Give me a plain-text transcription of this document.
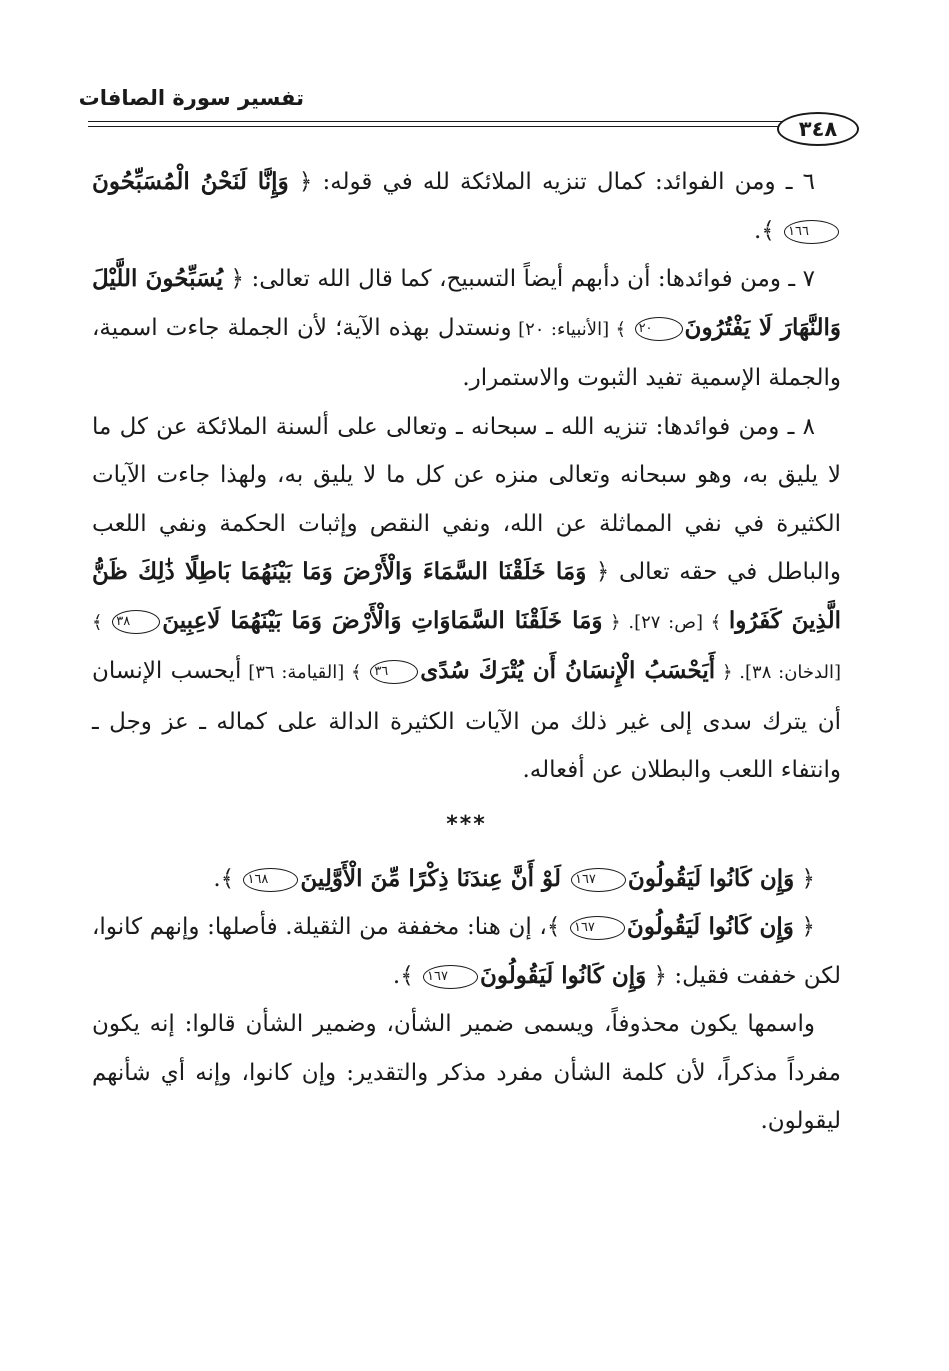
تفسير سورة الصافات
٣٤٨

٦ ـ ومن الفوائد: كمال تنزيه الملائكة لله في قوله: ﴿ وَإِنَّا لَنَحْنُ الْمُسَبِّحُونَ١٦٦ ﴾.

٧ ـ ومن فوائدها: أن دأبهم أيضاً التسبيح، كما قال الله تعالى: ﴿ يُسَبِّحُونَ اللَّيْلَ وَالنَّهَارَ لَا يَفْتُرُونَ٢٠ ﴾ [الأنبياء: ٢٠] ونستدل بهذه الآية؛ لأن الجملة جاءت اسمية، والجملة الإسمية تفيد الثبوت والاستمرار.

٨ ـ ومن فوائدها: تنزيه الله ـ سبحانه ـ وتعالى على ألسنة الملائكة عن كل ما لا يليق به، وهو سبحانه وتعالى منزه عن كل ما لا يليق به، ولهذا جاءت الآيات الكثيرة في نفي المماثلة عن الله، ونفي النقص وإثبات الحكمة ونفي اللعب والباطل في حقه تعالى ﴿ وَمَا خَلَقْنَا السَّمَاءَ وَالْأَرْضَ وَمَا بَيْنَهُمَا بَاطِلًا ذَٰلِكَ ظَنُّ الَّذِينَ كَفَرُوا ﴾ [ص: ٢٧]. ﴿ وَمَا خَلَقْنَا السَّمَاوَاتِ وَالْأَرْضَ وَمَا بَيْنَهُمَا لَاعِبِينَ٣٨ ﴾ [الدخان: ٣٨]. ﴿ أَيَحْسَبُ الْإِنسَانُ أَن يُتْرَكَ سُدًى٣٦ ﴾ [القيامة: ٣٦] أيحسب الإنسان أن يترك سدى إلى غير ذلك من الآيات الكثيرة الدالة على كماله ـ عز وجل ـ وانتفاء اللعب والبطلان عن أفعاله.

***

﴿ وَإِن كَانُوا لَيَقُولُونَ١٦٧ لَوْ أَنَّ عِندَنَا ذِكْرًا مِّنَ الْأَوَّلِينَ١٦٨ ﴾.

﴿ وَإِن كَانُوا لَيَقُولُونَ١٦٧ ﴾، إن هنا: مخففة من الثقيلة. فأصلها: وإنهم كانوا، لكن خففت فقيل: ﴿ وَإِن كَانُوا لَيَقُولُونَ١٦٧ ﴾.

واسمها يكون محذوفاً، ويسمى ضمير الشأن، وضمير الشأن قالوا: إنه يكون مفرداً مذكراً، لأن كلمة الشأن مفرد مذكر والتقدير: وإن كانوا، وإنه أي شأنهم ليقولون.
